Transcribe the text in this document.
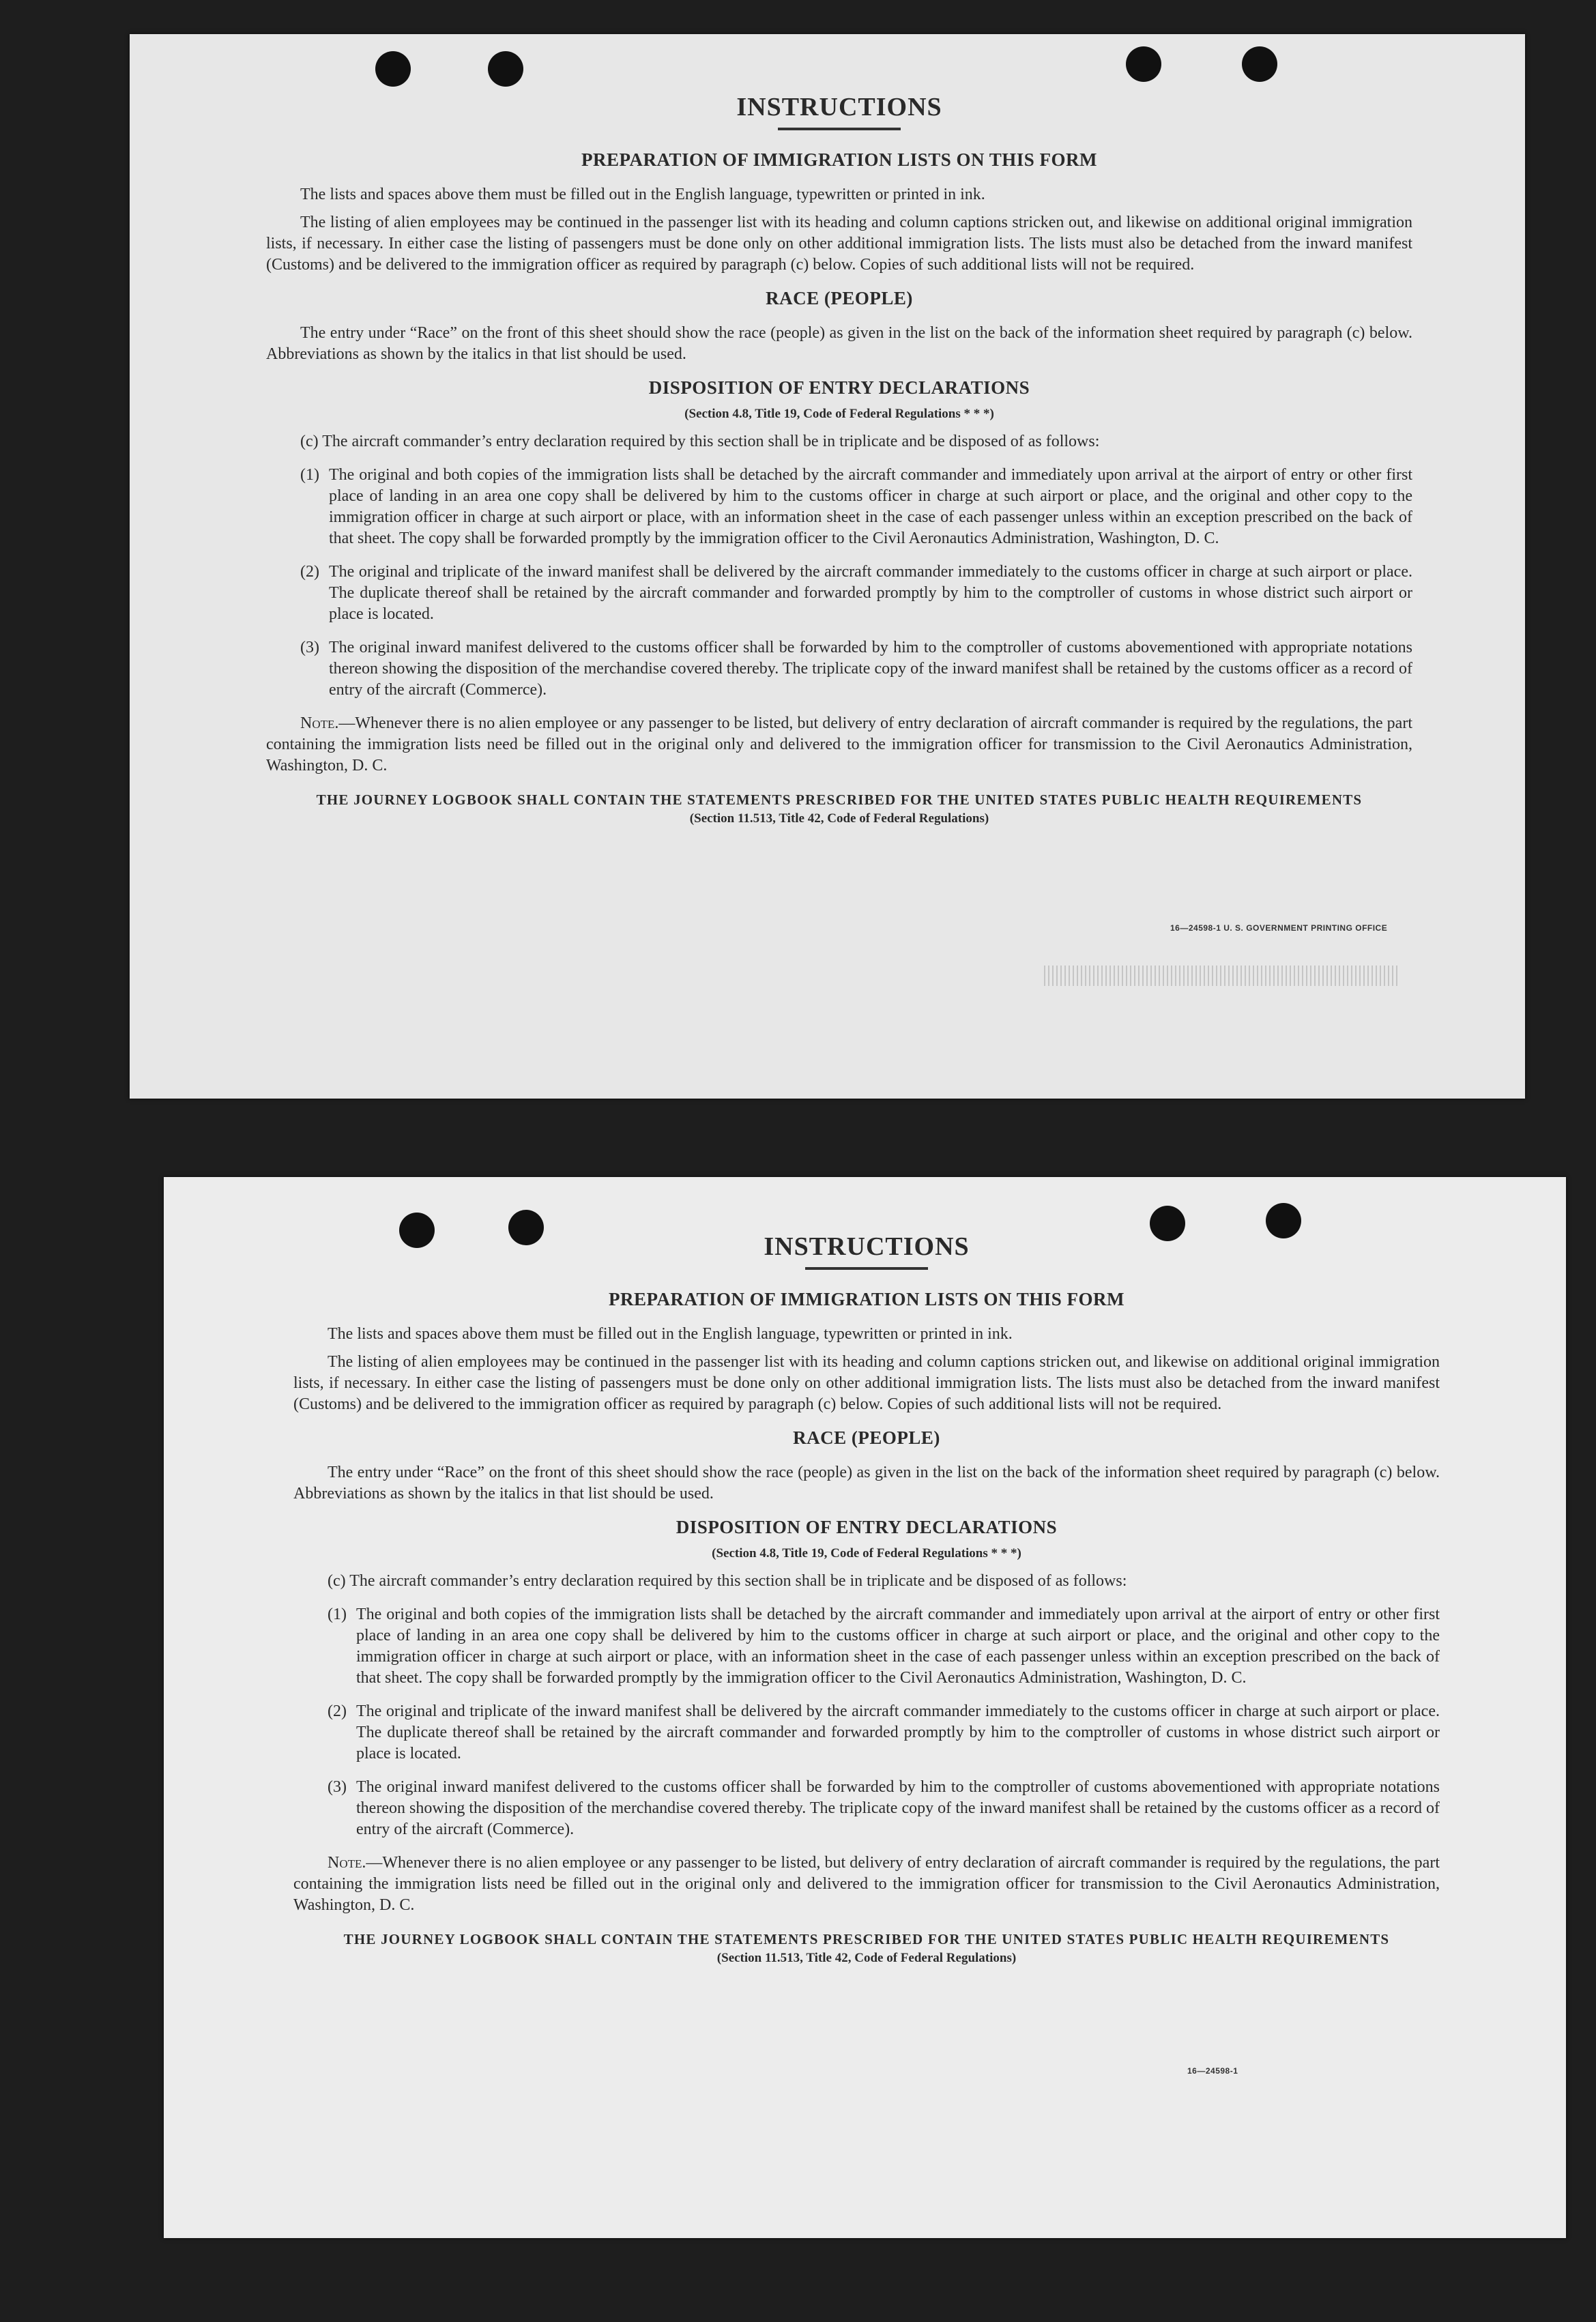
INSTRUCTIONS
PREPARATION OF IMMIGRATION LISTS ON THIS FORM

The lists and spaces above them must be filled out in the English language, typewritten or printed in ink.

The listing of alien employees may be continued in the passenger list with its heading and column captions stricken out, and likewise on additional original immigration lists, if necessary. In either case the listing of passengers must be done only on other additional immigration lists. The lists must also be detached from the inward manifest (Customs) and be delivered to the immigration officer as required by paragraph (c) below. Copies of such additional lists will not be required.

RACE (PEOPLE)

The entry under “Race” on the front of this sheet should show the race (people) as given in the list on the back of the information sheet required by paragraph (c) below. Abbreviations as shown by the italics in that list should be used.

DISPOSITION OF ENTRY DECLARATIONS
(Section 4.8, Title 19, Code of Federal Regulations * * *)

(c) The aircraft commander’s entry declaration required by this section shall be in triplicate and be disposed of as follows:

(1) The original and both copies of the immigration lists shall be detached by the aircraft commander and immediately upon arrival at the airport of entry or other first place of landing in an area one copy shall be delivered by him to the customs officer in charge at such airport or place, and the original and other copy to the immigration officer in charge at such airport or place, with an information sheet in the case of each passenger unless within an exception prescribed on the back of that sheet. The copy shall be forwarded promptly by the immigration officer to the Civil Aeronautics Administration, Washington, D. C.
(2) The original and triplicate of the inward manifest shall be delivered by the aircraft commander immediately to the customs officer in charge at such airport or place. The duplicate thereof shall be retained by the aircraft commander and forwarded promptly by him to the comptroller of customs in whose district such airport or place is located.
(3) The original inward manifest delivered to the customs officer shall be forwarded by him to the comptroller of customs abovementioned with appropriate notations thereon showing the disposition of the merchandise covered thereby. The triplicate copy of the inward manifest shall be retained by the customs officer as a record of entry of the aircraft (Commerce).

Note.—Whenever there is no alien employee or any passenger to be listed, but delivery of entry declaration of aircraft commander is required by the regulations, the part containing the immigration lists need be filled out in the original only and delivered to the immigration officer for transmission to the Civil Aeronautics Administration, Washington, D. C.

THE JOURNEY LOGBOOK SHALL CONTAIN THE STATEMENTS PRESCRIBED FOR THE UNITED STATES PUBLIC HEALTH REQUIREMENTS
(Section 11.513, Title 42, Code of Federal Regulations)
16—24598-1 U. S. GOVERNMENT PRINTING OFFICE
INSTRUCTIONS
PREPARATION OF IMMIGRATION LISTS ON THIS FORM

The lists and spaces above them must be filled out in the English language, typewritten or printed in ink.

The listing of alien employees may be continued in the passenger list with its heading and column captions stricken out, and likewise on additional original immigration lists, if necessary. In either case the listing of passengers must be done only on other additional immigration lists. The lists must also be detached from the inward manifest (Customs) and be delivered to the immigration officer as required by paragraph (c) below. Copies of such additional lists will not be required.

RACE (PEOPLE)

The entry under “Race” on the front of this sheet should show the race (people) as given in the list on the back of the information sheet required by paragraph (c) below. Abbreviations as shown by the italics in that list should be used.

DISPOSITION OF ENTRY DECLARATIONS
(Section 4.8, Title 19, Code of Federal Regulations * * *)

(c) The aircraft commander’s entry declaration required by this section shall be in triplicate and be disposed of as follows:

(1) The original and both copies of the immigration lists shall be detached by the aircraft commander and immediately upon arrival at the airport of entry or other first place of landing in an area one copy shall be delivered by him to the customs officer in charge at such airport or place, and the original and other copy to the immigration officer in charge at such airport or place, with an information sheet in the case of each passenger unless within an exception prescribed on the back of that sheet. The copy shall be forwarded promptly by the immigration officer to the Civil Aeronautics Administration, Washington, D. C.
(2) The original and triplicate of the inward manifest shall be delivered by the aircraft commander immediately to the customs officer in charge at such airport or place. The duplicate thereof shall be retained by the aircraft commander and forwarded promptly by him to the comptroller of customs in whose district such airport or place is located.
(3) The original inward manifest delivered to the customs officer shall be forwarded by him to the comptroller of customs abovementioned with appropriate notations thereon showing the disposition of the merchandise covered thereby. The triplicate copy of the inward manifest shall be retained by the customs officer as a record of entry of the aircraft (Commerce).

Note.—Whenever there is no alien employee or any passenger to be listed, but delivery of entry declaration of aircraft commander is required by the regulations, the part containing the immigration lists need be filled out in the original only and delivered to the immigration officer for transmission to the Civil Aeronautics Administration, Washington, D. C.

THE JOURNEY LOGBOOK SHALL CONTAIN THE STATEMENTS PRESCRIBED FOR THE UNITED STATES PUBLIC HEALTH REQUIREMENTS
(Section 11.513, Title 42, Code of Federal Regulations)
16—24598-1
